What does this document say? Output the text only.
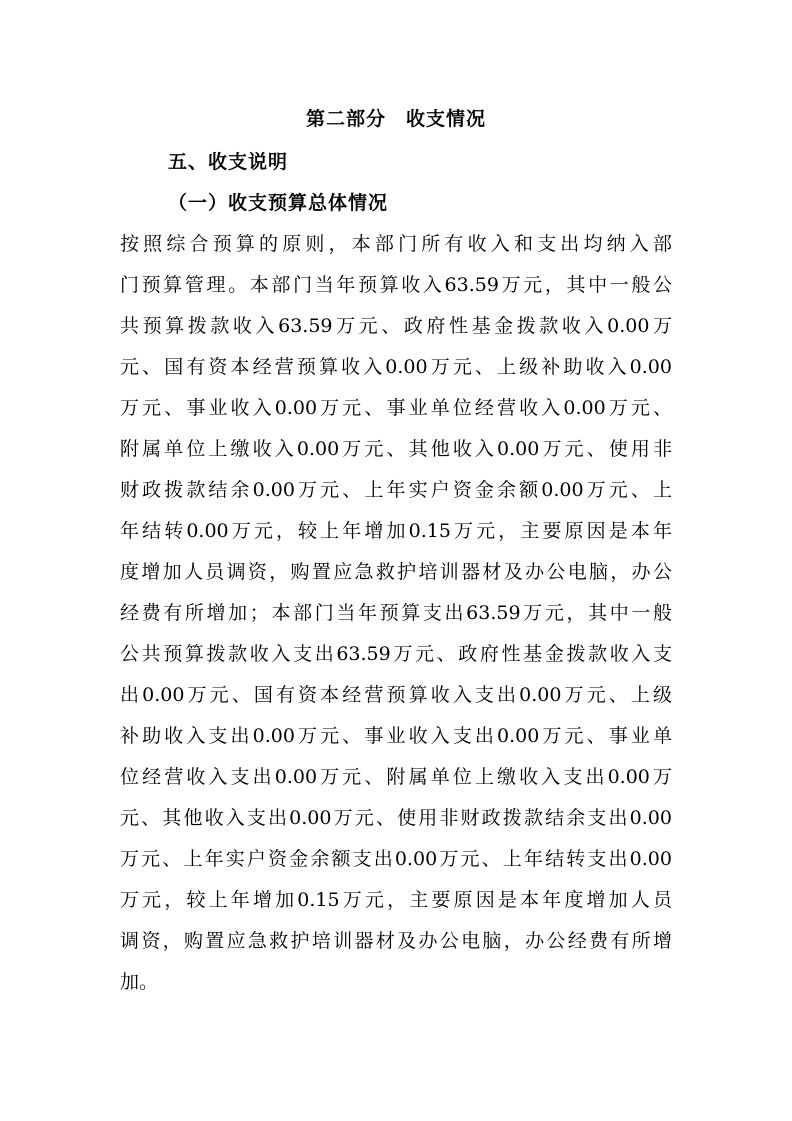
第二部分　收支情况
五、收支说明
（一）收支预算总体情况
按照综合预算的原则，本部门所有收入和支出均纳入部
门预算管理。本部门当年预算收入63.59万元，其中一般公
共预算拨款收入63.59万元、政府性基金拨款收入0.00万
元、国有资本经营预算收入0.00万元、上级补助收入0.00
万元、事业收入0.00万元、事业单位经营收入0.00万元、
附属单位上缴收入0.00万元、其他收入0.00万元、使用非
财政拨款结余0.00万元、上年实户资金余额0.00万元、上
年结转0.00万元，较上年增加0.15万元，主要原因是本年
度增加人员调资，购置应急救护培训器材及办公电脑，办公
经费有所增加；本部门当年预算支出63.59万元，其中一般
公共预算拨款收入支出63.59万元、政府性基金拨款收入支
出0.00万元、国有资本经营预算收入支出0.00万元、上级
补助收入支出0.00万元、事业收入支出0.00万元、事业单
位经营收入支出0.00万元、附属单位上缴收入支出0.00万
元、其他收入支出0.00万元、使用非财政拨款结余支出0.00
万元、上年实户资金余额支出0.00万元、上年结转支出0.00
万元，较上年增加0.15万元，主要原因是本年度增加人员
调资，购置应急救护培训器材及办公电脑，办公经费有所增
加。
